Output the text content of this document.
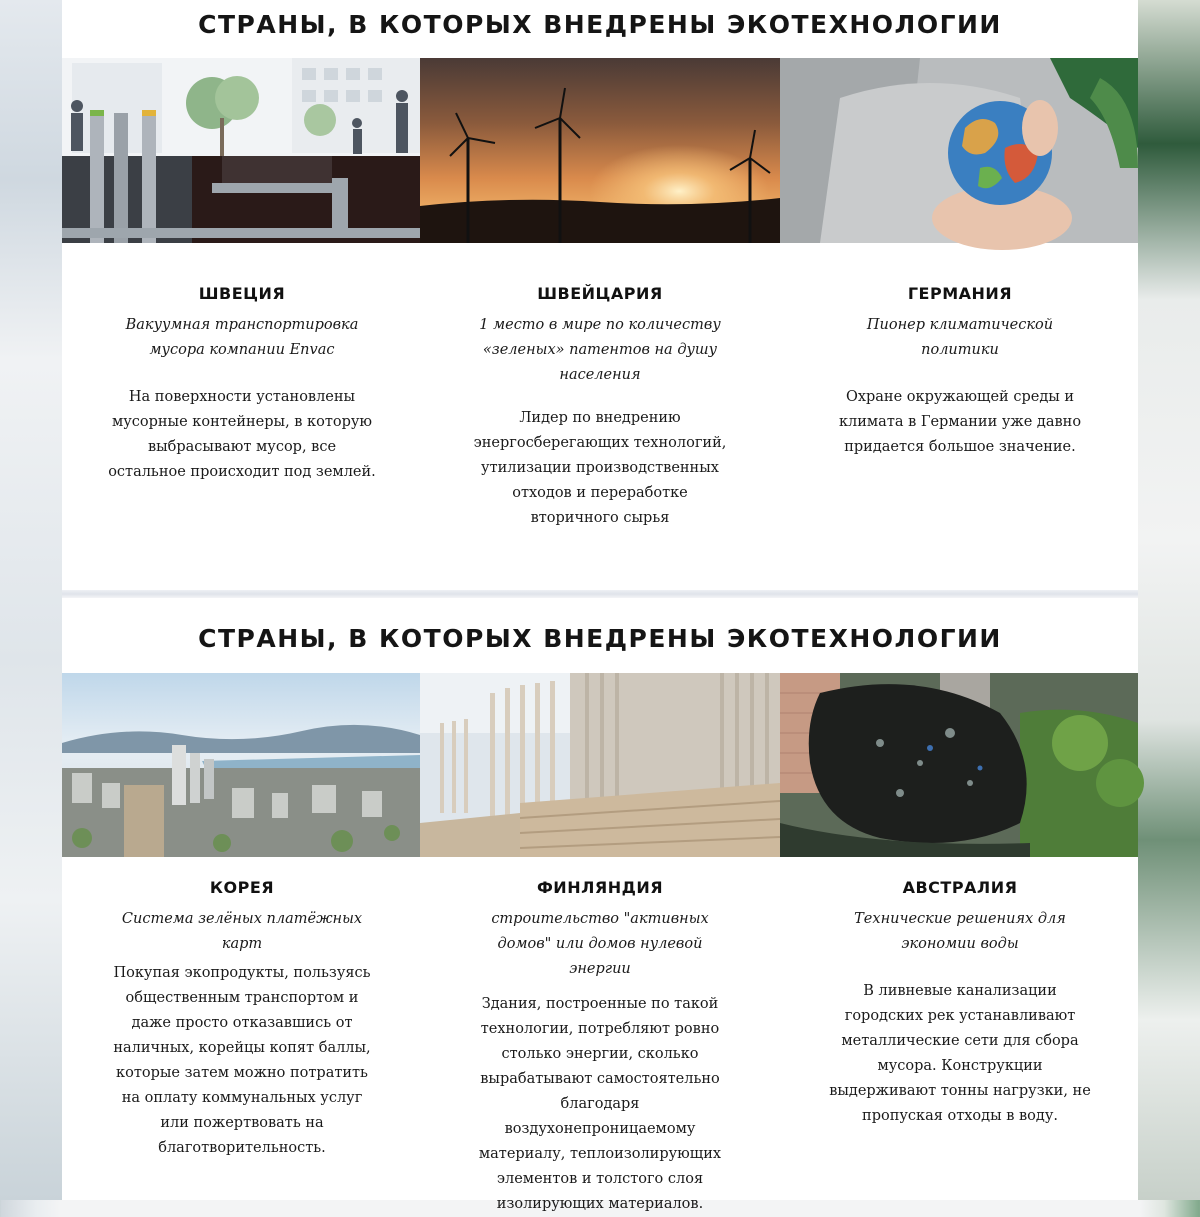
СТРАНЫ, В КОТОРЫХ ВНЕДРЕНЫ ЭКОТЕХНОЛОГИИ
ШВЕЦИЯ

Вакуумная транспортировка мусора компании Envac

На поверхности установлены мусорные контейнеры, в которую выбрасывают мусор, все остальное происходит под землей.

ШВЕЙЦАРИЯ

1 место в мире по количеству «зеленых» патентов на душу населения

Лидер по внедрению энергосберегающих технологий, утилизации производственных отходов и переработке вторичного сырья

ГЕРМАНИЯ

Пионер климатической политики

Охране окружающей среды и климата в Германии уже давно придается большое значение.

СТРАНЫ, В КОТОРЫХ ВНЕДРЕНЫ ЭКОТЕХНОЛОГИИ
КОРЕЯ

Система зелёных платёжных карт

Покупая экопродукты, пользуясь общественным транспортом и даже просто отказавшись от наличных, корейцы копят баллы, которые затем можно потратить на оплату коммунальных услуг или пожертвовать на благотворительность.

ФИНЛЯНДИЯ

строительство "активных домов" или домов нулевой энергии

Здания, построенные по такой технологии, потребляют ровно столько энергии, сколько вырабатывают самостоятельно благодаря воздухонепроницаемому материалу, теплоизолирующих элементов и толстого слоя изолирующих материалов.

АВСТРАЛИЯ

Технические решениях для экономии воды

В ливневые канализации городских рек устанавливают металлические сети для сбора мусора. Конструкции выдерживают тонны нагрузки, не пропуская отходы в воду.
